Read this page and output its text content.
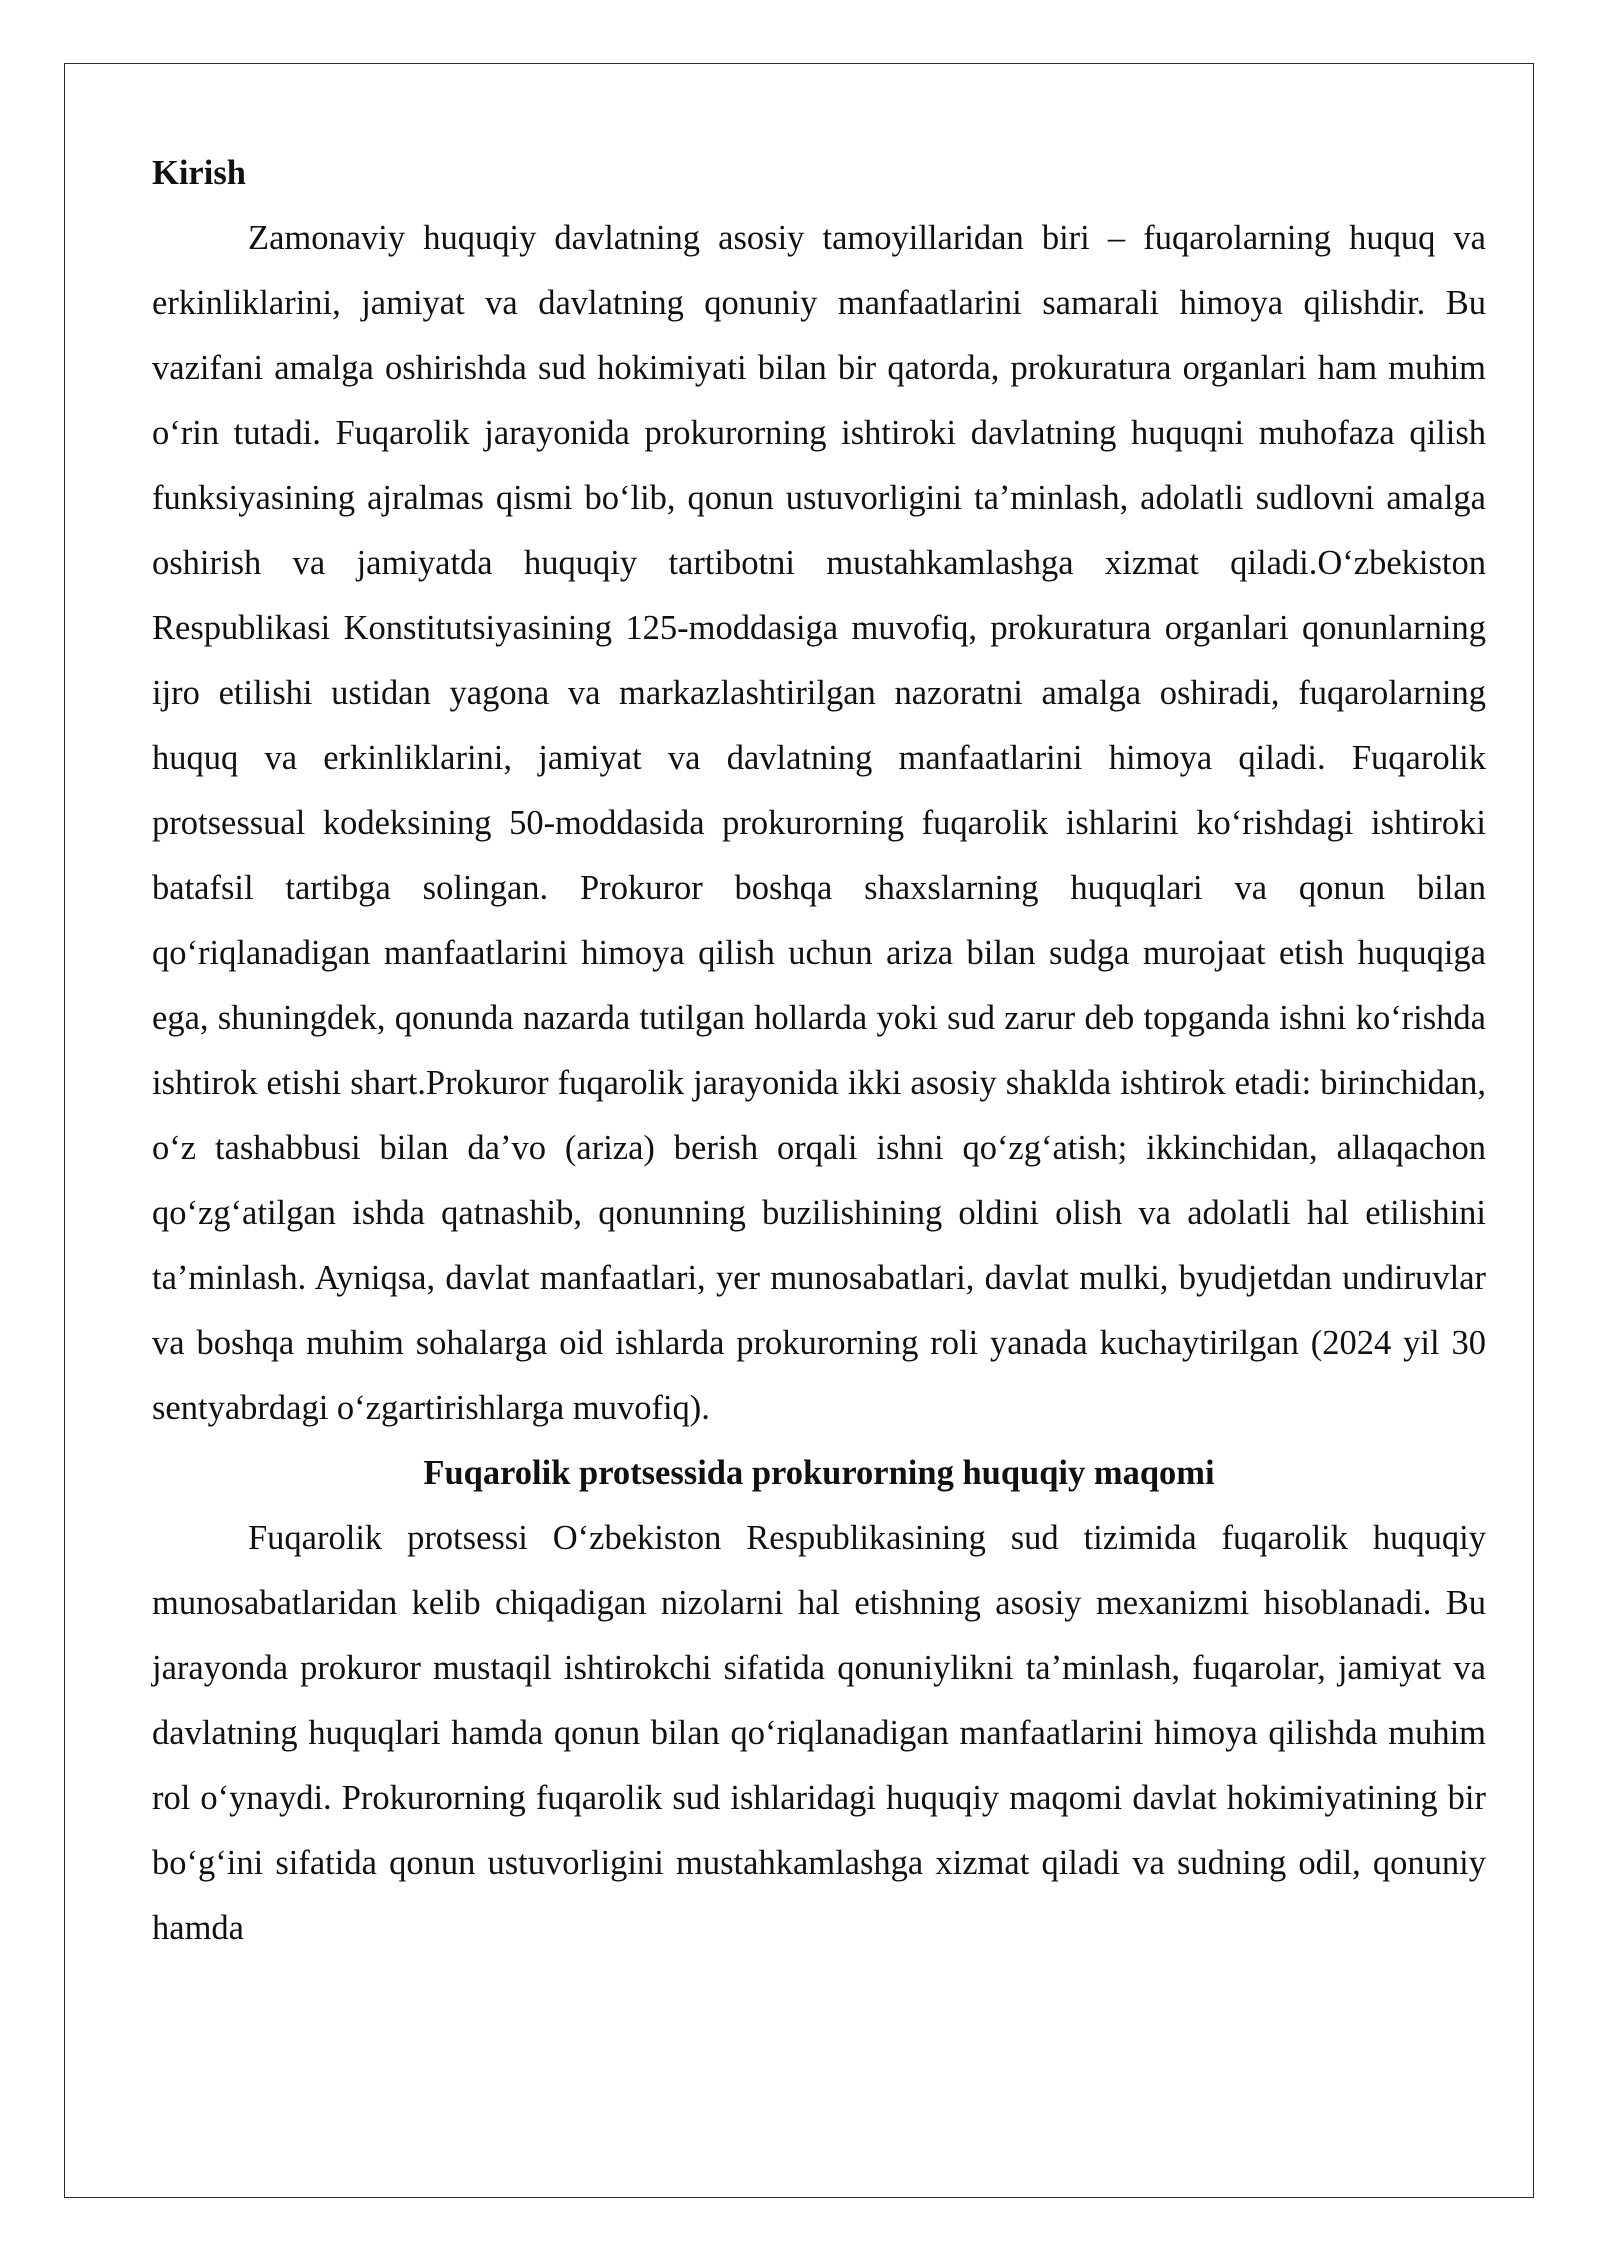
Kirish

Zamonaviy huquqiy davlatning asosiy tamoyillaridan biri – fuqarolarning huquq va erkinliklarini, jamiyat va davlatning qonuniy manfaatlarini samarali himoya qilishdir. Bu vazifani amalga oshirishda sud hokimiyati bilan bir qatorda, prokuratura organlari ham muhim oʻrin tutadi. Fuqarolik jarayonida prokurorning ishtiroki davlatning huquqni muhofaza qilish funksiyasining ajralmas qismi boʻlib, qonun ustuvorligini taʼminlash, adolatli sudlovni amalga oshirish va jamiyatda huquqiy tartibotni mustahkamlashga xizmat qiladi.Oʻzbekiston Respublikasi Konstitutsiyasining 125-moddasiga muvofiq, prokuratura organlari qonunlarning ijro etilishi ustidan yagona va markazlashtirilgan nazoratni amalga oshiradi, fuqarolarning huquq va erkinliklarini, jamiyat va davlatning manfaatlarini himoya qiladi. Fuqarolik protsessual kodeksining 50-moddasida prokurorning fuqarolik ishlarini koʻrishdagi ishtiroki batafsil tartibga solingan. Prokuror boshqa shaxslarning huquqlari va qonun bilan qoʻriqlanadigan manfaatlarini himoya qilish uchun ariza bilan sudga murojaat etish huquqiga ega, shuningdek, qonunda nazarda tutilgan hollarda yoki sud zarur deb topganda ishni koʻrishda ishtirok etishi shart.Prokuror fuqarolik jarayonida ikki asosiy shaklda ishtirok etadi: birinchidan, oʻz tashabbusi bilan daʼvo (ariza) berish orqali ishni qoʻzgʻatish; ikkinchidan, allaqachon qoʻzgʻatilgan ishda qatnashib, qonunning buzilishining oldini olish va adolatli hal etilishini taʼminlash. Ayniqsa, davlat manfaatlari, yer munosabatlari, davlat mulki, byudjetdan undiruvlar va boshqa muhim sohalarga oid ishlarda prokurorning roli yanada kuchaytirilgan (2024 yil 30 sentyabrdagi oʻzgartirishlarga muvofiq).

Fuqarolik protsessida prokurorning huquqiy maqomi

Fuqarolik protsessi Oʻzbekiston Respublikasining sud tizimida fuqarolik huquqiy munosabatlaridan kelib chiqadigan nizolarni hal etishning asosiy mexanizmi hisoblanadi. Bu jarayonda prokuror mustaqil ishtirokchi sifatida qonuniylikni taʼminlash, fuqarolar, jamiyat va davlatning huquqlari hamda qonun bilan qoʻriqlanadigan manfaatlarini himoya qilishda muhim rol oʻynaydi. Prokurorning fuqarolik sud ishlaridagi huquqiy maqomi davlat hokimiyatining bir boʻgʻini sifatida qonun ustuvorligini mustahkamlashga xizmat qiladi va sudning odil, qonuniy hamda
